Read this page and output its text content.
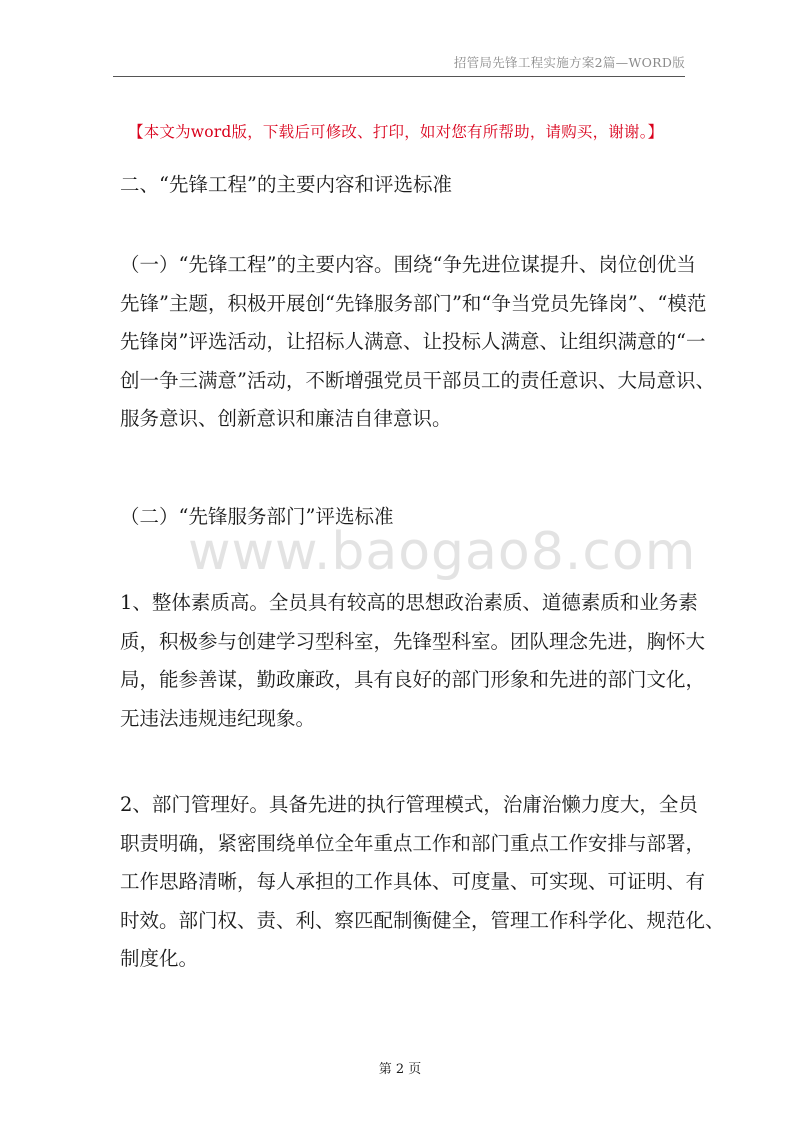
招管局先锋工程实施方案2篇—WORD版
【本文为word版，下载后可修改、打印，如对您有所帮助，请购买，谢谢。】
www.baogao8.com

二、“先锋工程”的主要内容和评选标准

（一）“先锋工程”的主要内容。围绕“争先进位谋提升、岗位创优当
先锋”主题，积极开展创“先锋服务部门”和“争当党员先锋岗”、“模范
先锋岗”评选活动，让招标人满意、让投标人满意、让组织满意的“一
创一争三满意”活动，不断增强党员干部员工的责任意识、大局意识、
服务意识、创新意识和廉洁自律意识。

（二）“先锋服务部门”评选标准

1、整体素质高。全员具有较高的思想政治素质、道德素质和业务素
质，积极参与创建学习型科室，先锋型科室。团队理念先进，胸怀大
局，能参善谋，勤政廉政，具有良好的部门形象和先进的部门文化，
无违法违规违纪现象。

2、部门管理好。具备先进的执行管理模式，治庸治懒力度大，全员
职责明确，紧密围绕单位全年重点工作和部门重点工作安排与部署，
工作思路清晰，每人承担的工作具体、可度量、可实现、可证明、有
时效。部门权、责、利、察匹配制衡健全，管理工作科学化、规范化、
制度化。

第 2 页
